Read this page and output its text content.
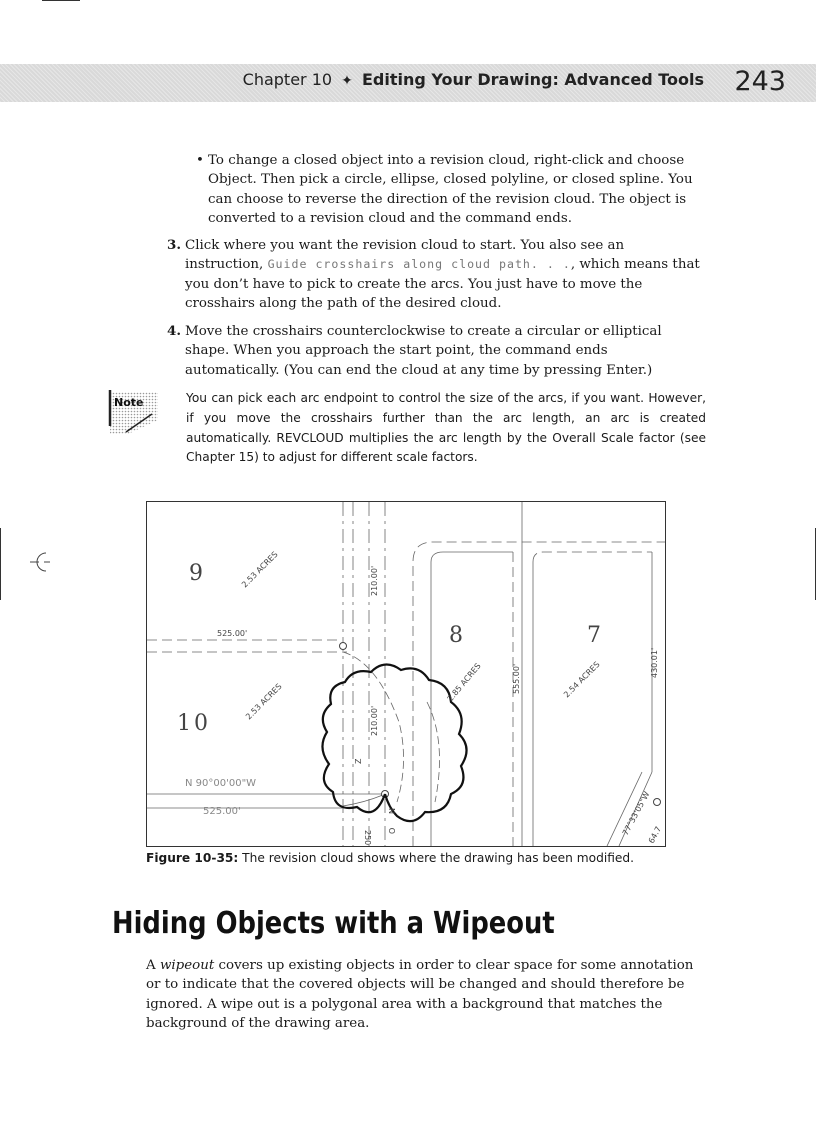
Chapter 10 ✦ Editing Your Drawing: Advanced Tools 243
• To change a closed object into a revision cloud, right-click and choose Object. Then pick a circle, ellipse, closed polyline, or closed spline. You can choose to reverse the direction of the revision cloud. The object is converted to a revision cloud and the command ends.
3. Click where you want the revision cloud to start. You also see an instruction, Guide crosshairs along cloud path. . ., which means that you don’t have to pick to create the arcs. You just have to move the crosshairs along the path of the desired cloud.
4. Move the crosshairs counterclockwise to create a circular or elliptical shape. When you approach the start point, the command ends automatically. (You can end the cloud at any time by pressing Enter.)
Note	You can pick each arc endpoint to control the size of the arcs, if you want. However, if you move the crosshairs further than the arc length, an arc is created automatically. REVCLOUD multiplies the arc length by the Overall Scale factor (see Chapter 15) to adjust for different scale factors.
9
10
8	7
2.53 ACRES
2.53 ACRES	2.85 ACRES	2.54 ACRES
525.00'
525.00'
210.00'
210.00'
555.00'
430.01'
N 90°00'00"W
77°33'05"W
64.7
250
N
Z
O
Figure 10-35: The revision cloud shows where the drawing has been modified.
Hiding Objects with a Wipeout
A wipeout covers up existing objects in order to clear space for some annotation or to indicate that the covered objects will be changed and should therefore be ignored. A wipe out is a polygonal area with a background that matches the background of the drawing area.
